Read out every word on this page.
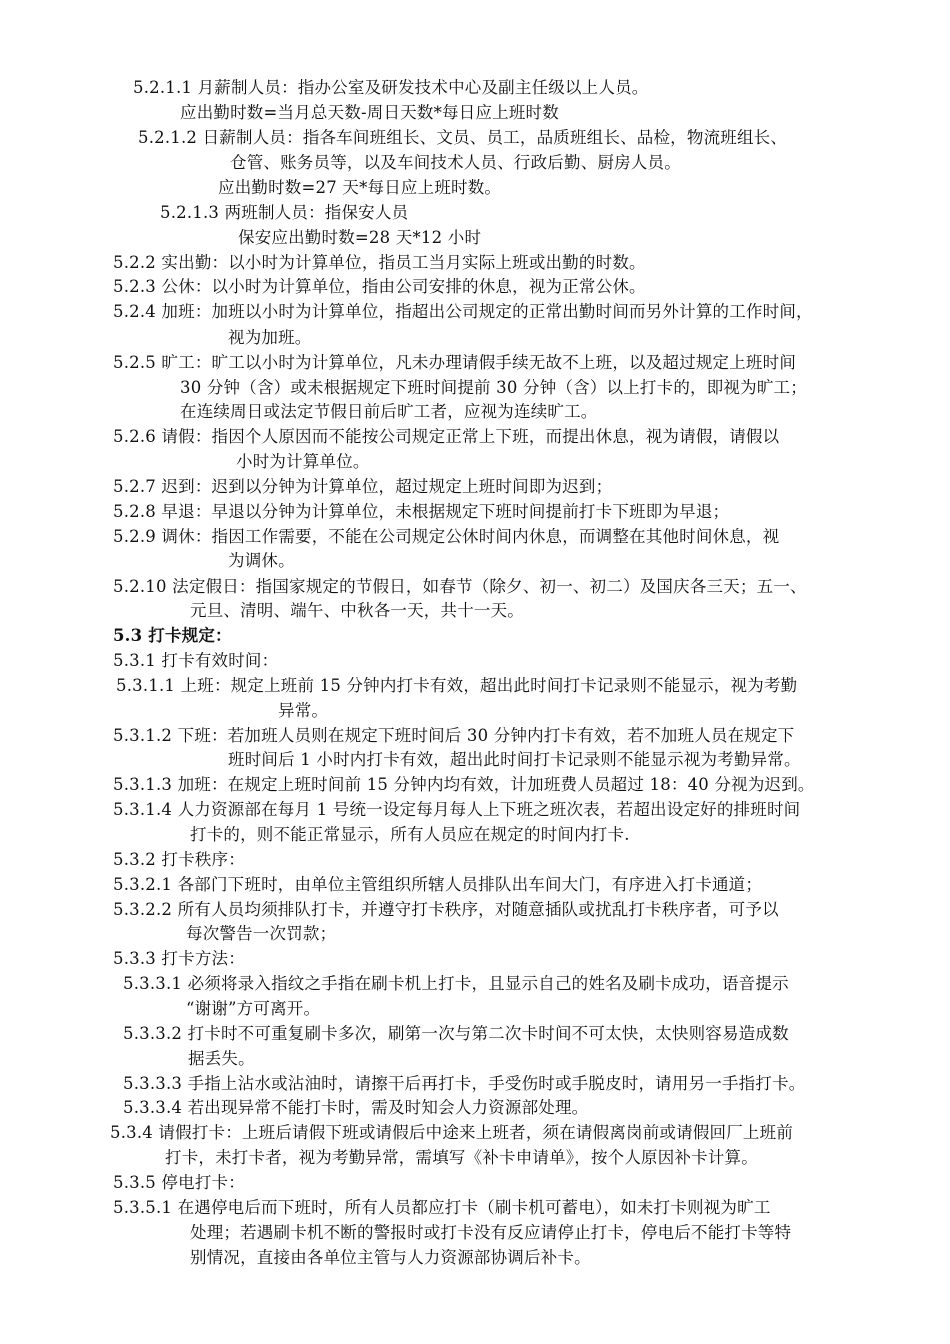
5.2.1.1 月薪制人员：指办公室及研发技术中心及副主任级以上人员。
应出勤时数=当月总天数-周日天数*每日应上班时数
5.2.1.2 日薪制人员：指各车间班组长、文员、员工，品质班组长、品检，物流班组长、
仓管、账务员等，以及车间技术人员、行政后勤、厨房人员。
应出勤时数=27 天*每日应上班时数。
5.2.1.3 两班制人员：指保安人员
保安应出勤时数=28 天*12 小时
5.2.2 实出勤：以小时为计算单位，指员工当月实际上班或出勤的时数。
5.2.3 公休：以小时为计算单位，指由公司安排的休息，视为正常公休。
5.2.4 加班：加班以小时为计算单位，指超出公司规定的正常出勤时间而另外计算的工作时间，
视为加班。
5.2.5 旷工：旷工以小时为计算单位，凡未办理请假手续无故不上班，以及超过规定上班时间
30 分钟（含）或未根据规定下班时间提前 30 分钟（含）以上打卡的，即视为旷工；
在连续周日或法定节假日前后旷工者，应视为连续旷工。
5.2.6 请假：指因个人原因而不能按公司规定正常上下班，而提出休息，视为请假，请假以
小时为计算单位。
5.2.7 迟到：迟到以分钟为计算单位，超过规定上班时间即为迟到；
5.2.8 早退：早退以分钟为计算单位，未根据规定下班时间提前打卡下班即为早退；
5.2.9 调休：指因工作需要，不能在公司规定公休时间内休息，而调整在其他时间休息，视
为调休。
5.2.10 法定假日：指国家规定的节假日，如春节（除夕、初一、初二）及国庆各三天；五一、
元旦、清明、端午、中秋各一天，共十一天。
5.3 打卡规定：
5.3.1 打卡有效时间：
5.3.1.1 上班：规定上班前 15 分钟内打卡有效，超出此时间打卡记录则不能显示，视为考勤
异常。
5.3.1.2 下班：若加班人员则在规定下班时间后 30 分钟内打卡有效，若不加班人员在规定下
班时间后 1 小时内打卡有效，超出此时间打卡记录则不能显示视为考勤异常。
5.3.1.3 加班：在规定上班时间前 15 分钟内均有效，计加班费人员超过 18：40 分视为迟到。
5.3.1.4 人力资源部在每月 1 号统一设定每月每人上下班之班次表，若超出设定好的排班时间
打卡的，则不能正常显示，所有人员应在规定的时间内打卡.
5.3.2 打卡秩序：
5.3.2.1 各部门下班时，由单位主管组织所辖人员排队出车间大门，有序进入打卡通道；
5.3.2.2 所有人员均须排队打卡，并遵守打卡秩序，对随意插队或扰乱打卡秩序者，可予以
每次警告一次罚款；
5.3.3 打卡方法：
5.3.3.1 必须将录入指纹之手指在刷卡机上打卡，且显示自己的姓名及刷卡成功，语音提示
“谢谢”方可离开。
5.3.3.2 打卡时不可重复刷卡多次，刷第一次与第二次卡时间不可太快，太快则容易造成数
据丢失。
5.3.3.3 手指上沾水或沾油时，请擦干后再打卡，手受伤时或手脱皮时，请用另一手指打卡。
5.3.3.4 若出现异常不能打卡时，需及时知会人力资源部处理。
5.3.4 请假打卡：上班后请假下班或请假后中途来上班者，须在请假离岗前或请假回厂上班前
打卡，未打卡者，视为考勤异常，需填写《补卡申请单》，按个人原因补卡计算。
5.3.5 停电打卡：
5.3.5.1 在遇停电后而下班时，所有人员都应打卡（刷卡机可蓄电），如未打卡则视为旷工
处理；若遇刷卡机不断的警报时或打卡没有反应请停止打卡，停电后不能打卡等特
别情况，直接由各单位主管与人力资源部协调后补卡。
